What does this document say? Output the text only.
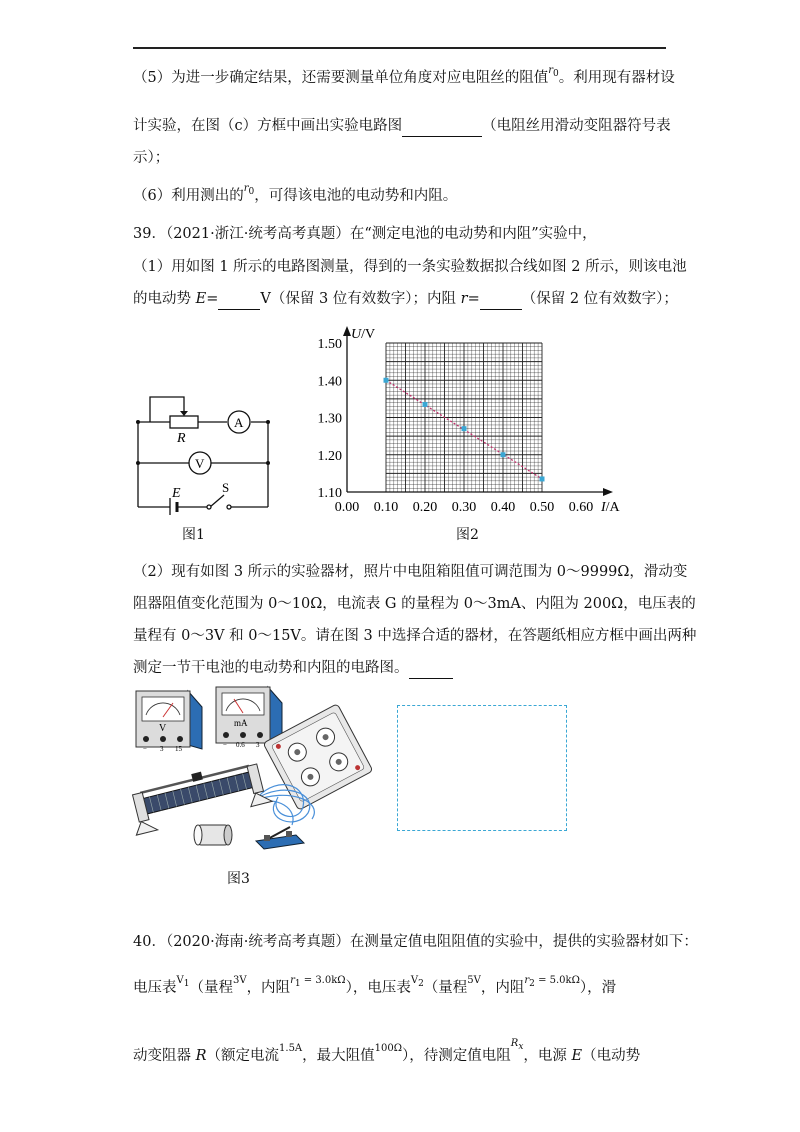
（5）为进一步确定结果，还需要测量单位角度对应电阻丝的阻值$^{r0}$。利用现有器材设
计实验，在图（c）方框中画出实验电路图	（电阻丝用滑动变阻器符号表
示）；
（6）利用测出的$^{r0}$，可得该电池的电动势和内阻。
39．（2021·浙江·统考高考真题）在“测定电池的电动势和内阻”实验中，
（1）用如图 1 所示的电路图测量，得到的一条实验数据拟合线如图 2 所示，则该电池
的电动势 E=	V（保留 3 位有效数字）；内阻 r=	（保留 2 位有效数字）；
R
A
V
E	S
图1
0.00 0.10 0.20 0.30 0.40 0.50 0.60
1.10
1.20
1.30
1.40
1.50
I/A
U/V
图2
（2）现有如图 3 所示的实验器材，照片中电阻箱阻值可调范围为 0～9999Ω，滑动变
阻器阻值变化范围为 0～10Ω，电流表 G 的量程为 0～3mA、内阻为 200Ω，电压表的
量程有 0～3V 和 0～15V。请在图 3 中选择合适的器材，在答题纸相应方框中画出两种
测定一节干电池的电动势和内阻的电路图。
V
− 3 15
mA
− 0.6 3
图3
40．（2020·海南·统考高考真题）在测量定值电阻阻值的实验中，提供的实验器材如下：
电压表$^{V1}$（量程$^{3V}$，内阻$^{r1 = 3.0k\Omega}$），电压表$^{V2}$（量程$^{5V}$，内阻$^{r2 = 5.0k\Omega}$），滑
动变阻器 R（额定电流$^{1.5A}$，最大阻值$^{100\Omega}$），待测定值电阻$^{Rx}$，电源 E（电动势
